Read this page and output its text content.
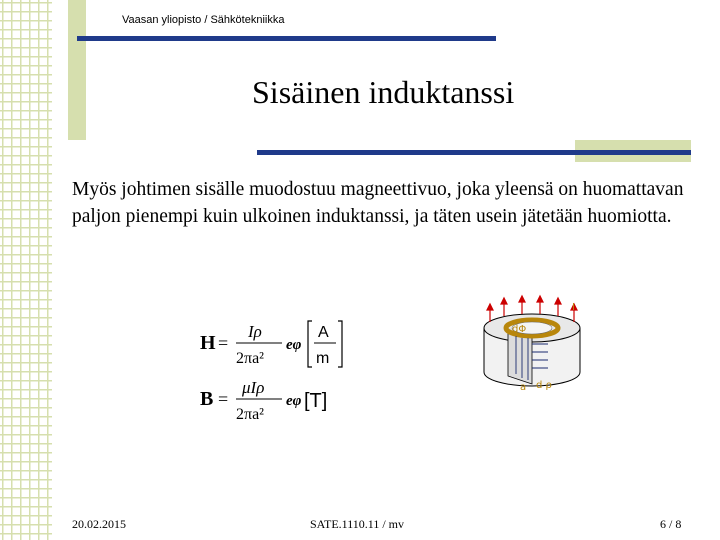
Vaasan yliopisto / Sähkötekniikka
Sisäinen induktanssi
Myös johtimen sisälle muodostuu magneettivuo, joka yleensä on huomattavan paljon pienempi kuin ulkoinen induktanssi, ja täten usein jätetään huomiotta.
H =
Iρ
2πa²
eφ
A
m
B =
μIρ
2πa²
eφ [T]
dΦ
I
a d ρ
20.02.2015	SATE.1110.11 / mv	6 / 8
